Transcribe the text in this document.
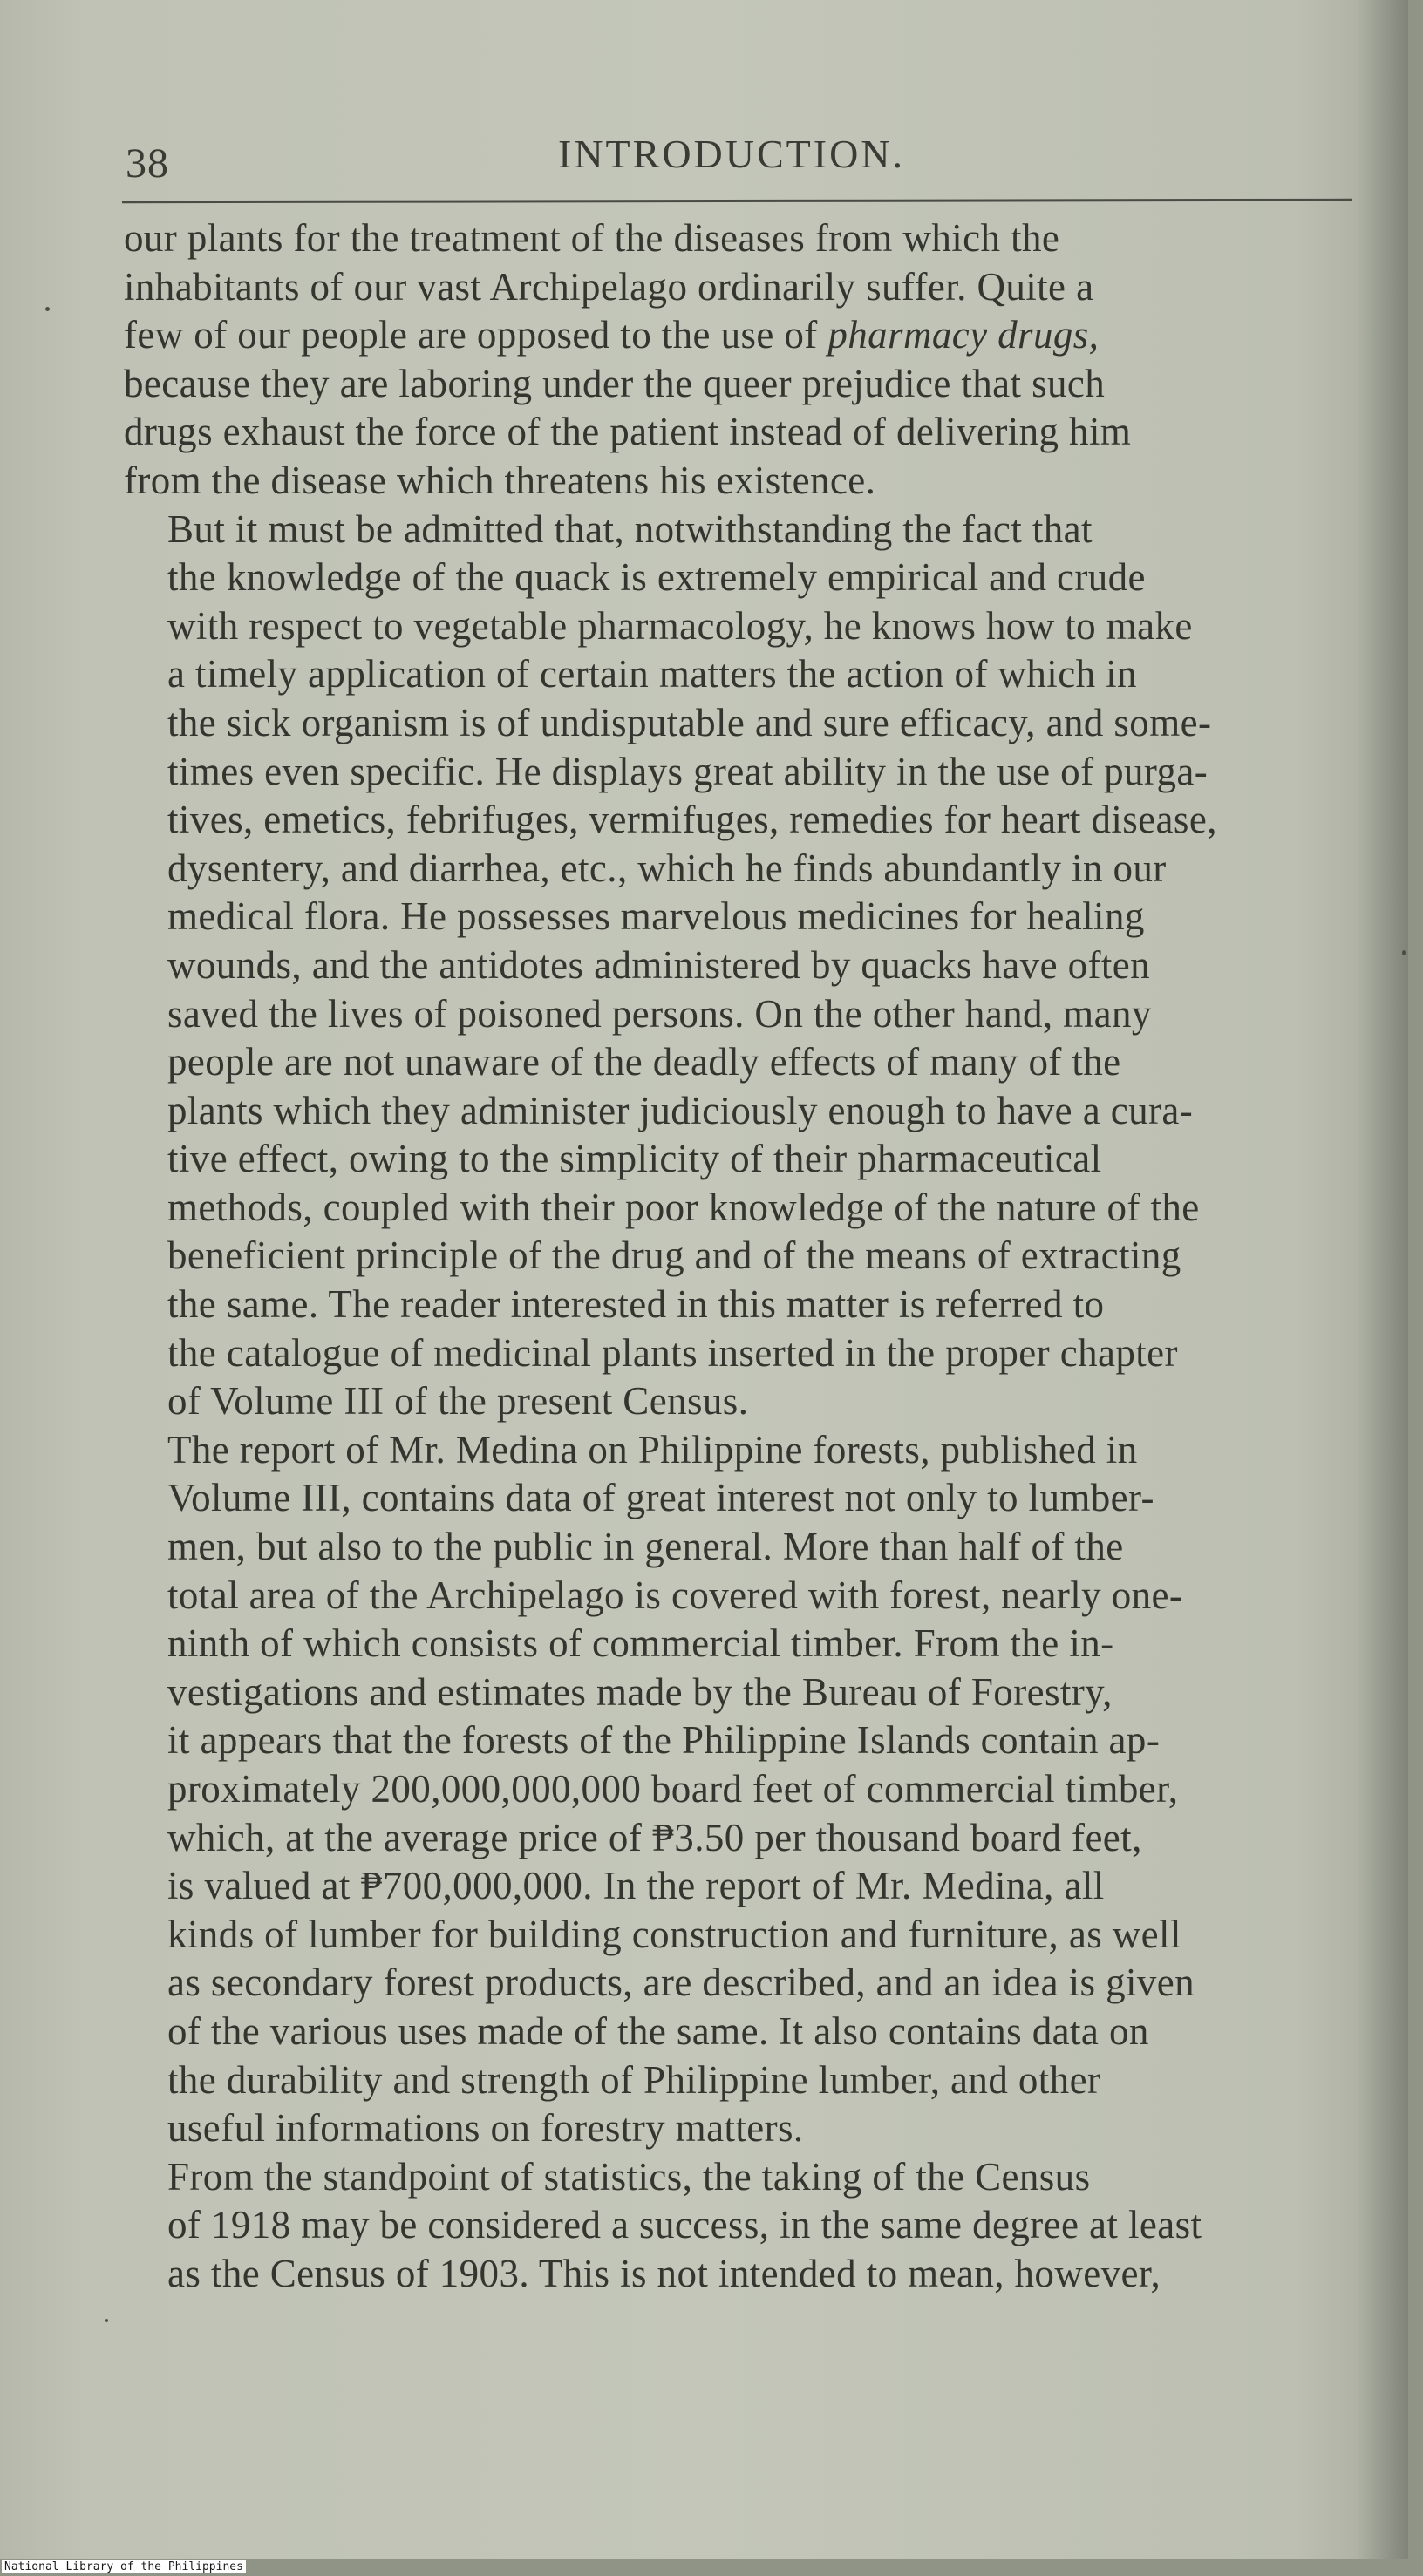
38	INTRODUCTION.

our plants for the treatment of the diseases from which the
inhabitants of our vast Archipelago ordinarily suffer. Quite a
few of our people are opposed to the use of pharmacy drugs,
because they are laboring under the queer prejudice that such
drugs exhaust the force of the patient instead of delivering him
from the disease which threatens his existence.

But it must be admitted that, notwithstanding the fact that
the knowledge of the quack is extremely empirical and crude
with respect to vegetable pharmacology, he knows how to make
a timely application of certain matters the action of which in
the sick organism is of undisputable and sure efficacy, and some-
times even specific. He displays great ability in the use of purga-
tives, emetics, febrifuges, vermifuges, remedies for heart disease,
dysentery, and diarrhea, etc., which he finds abundantly in our
medical flora. He possesses marvelous medicines for healing
wounds, and the antidotes administered by quacks have often
saved the lives of poisoned persons. On the other hand, many
people are not unaware of the deadly effects of many of the
plants which they administer judiciously enough to have a cura-
tive effect, owing to the simplicity of their pharmaceutical
methods, coupled with their poor knowledge of the nature of the
beneficient principle of the drug and of the means of extracting
the same. The reader interested in this matter is referred to
the catalogue of medicinal plants inserted in the proper chapter
of Volume III of the present Census.

The report of Mr. Medina on Philippine forests, published in
Volume III, contains data of great interest not only to lumber-
men, but also to the public in general. More than half of the
total area of the Archipelago is covered with forest, nearly one-
ninth of which consists of commercial timber. From the in-
vestigations and estimates made by the Bureau of Forestry,
it appears that the forests of the Philippine Islands contain ap-
proximately 200,000,000,000 board feet of commercial timber,
which, at the average price of ₱3.50 per thousand board feet,
is valued at ₱700,000,000. In the report of Mr. Medina, all
kinds of lumber for building construction and furniture, as well
as secondary forest products, are described, and an idea is given
of the various uses made of the same. It also contains data on
the durability and strength of Philippine lumber, and other
useful informations on forestry matters.

From the standpoint of statistics, the taking of the Census
of 1918 may be considered a success, in the same degree at least
as the Census of 1903. This is not intended to mean, however,

National Library of the Philippines
